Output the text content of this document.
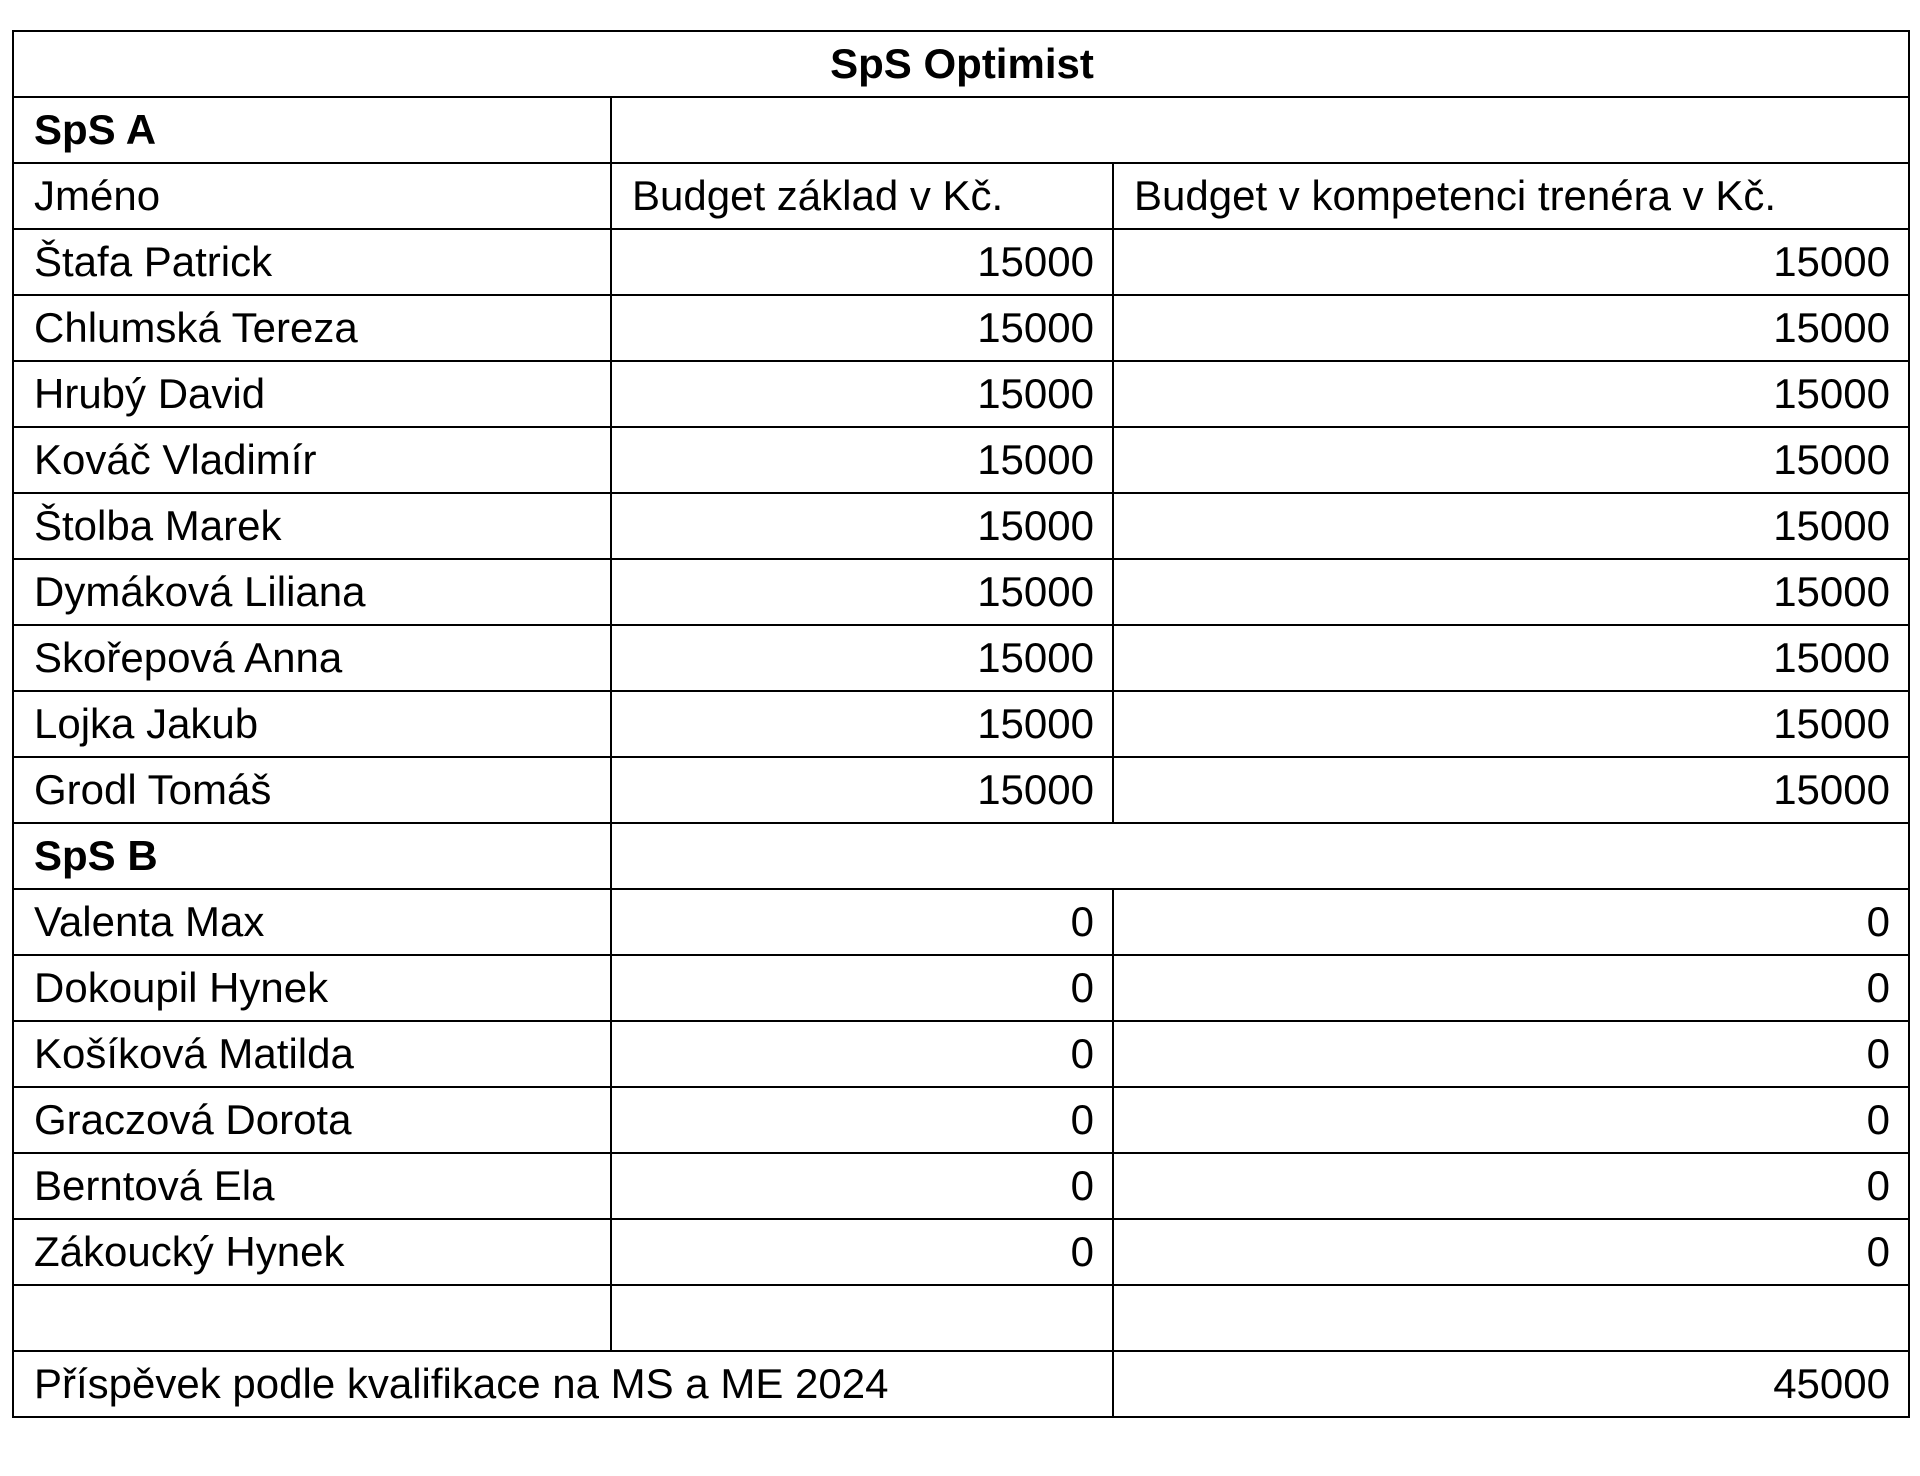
SpS Optimist		
SpS A		
Jméno	Budget základ v Kč.	Budget v kompetenci trenéra v Kč.
Štafa Patrick	15000	15000
Chlumská Tereza	15000	15000
Hrubý David	15000	15000
Kováč Vladimír	15000	15000
Štolba Marek	15000	15000
Dymáková Liliana	15000	15000
Skořepová Anna	15000	15000
Lojka Jakub	15000	15000
Grodl Tomáš	15000	15000
SpS B		
Valenta Max	0	0
Dokoupil Hynek	0	0
Košíková Matilda	0	0
Graczová Dorota	0	0
Berntová Ela	0	0
Zákoucký Hynek	0	0

Příspěvek podle kvalifikace na MS a ME 2024		45000
